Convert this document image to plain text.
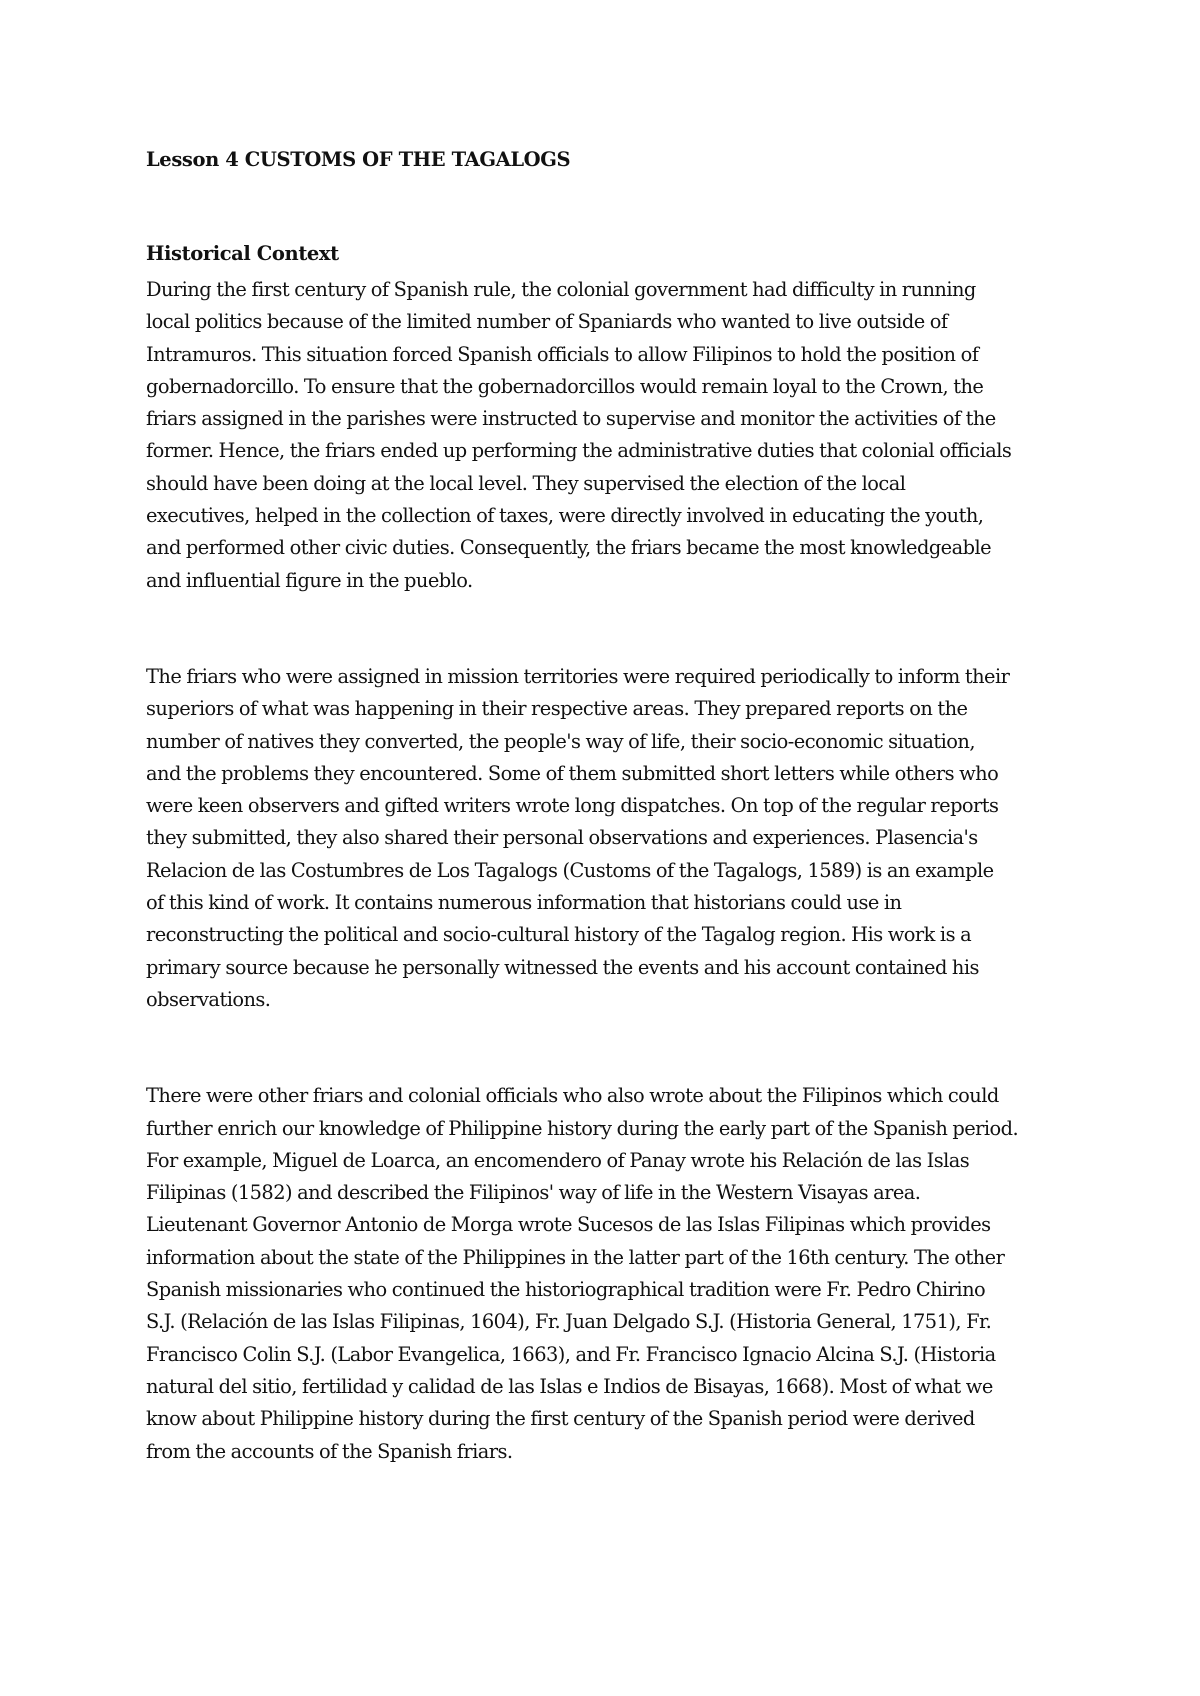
Lesson 4 CUSTOMS OF THE TAGALOGS
Historical Context

During the first century of Spanish rule, the colonial government had difficulty in running
local politics because of the limited number of Spaniards who wanted to live outside of
Intramuros. This situation forced Spanish officials to allow Filipinos to hold the position of
gobernadorcillo. To ensure that the gobernadorcillos would remain loyal to the Crown, the
friars assigned in the parishes were instructed to supervise and monitor the activities of the
former. Hence, the friars ended up performing the administrative duties that colonial officials
should have been doing at the local level. They supervised the election of the local
executives, helped in the collection of taxes, were directly involved in educating the youth,
and performed other civic duties. Consequently, the friars became the most knowledgeable
and influential figure in the pueblo.

The friars who were assigned in mission territories were required periodically to inform their
superiors of what was happening in their respective areas. They prepared reports on the
number of natives they converted, the people's way of life, their socio-economic situation,
and the problems they encountered. Some of them submitted short letters while others who
were keen observers and gifted writers wrote long dispatches. On top of the regular reports
they submitted, they also shared their personal observations and experiences. Plasencia's
Relacion de las Costumbres de Los Tagalogs (Customs of the Tagalogs, 1589) is an example
of this kind of work. It contains numerous information that historians could use in
reconstructing the political and socio-cultural history of the Tagalog region. His work is a
primary source because he personally witnessed the events and his account contained his
observations.

There were other friars and colonial officials who also wrote about the Filipinos which could
further enrich our knowledge of Philippine history during the early part of the Spanish period.
For example, Miguel de Loarca, an encomendero of Panay wrote his Relación de las Islas
Filipinas (1582) and described the Filipinos' way of life in the Western Visayas area.
Lieutenant Governor Antonio de Morga wrote Sucesos de las Islas Filipinas which provides
information about the state of the Philippines in the latter part of the 16th century. The other
Spanish missionaries who continued the historiographical tradition were Fr. Pedro Chirino
S.J. (Relación de las Islas Filipinas, 1604), Fr. Juan Delgado S.J. (Historia General, 1751), Fr.
Francisco Colin S.J. (Labor Evangelica, 1663), and Fr. Francisco Ignacio Alcina S.J. (Historia
natural del sitio, fertilidad y calidad de las Islas e Indios de Bisayas, 1668). Most of what we
know about Philippine history during the first century of the Spanish period were derived
from the accounts of the Spanish friars.
